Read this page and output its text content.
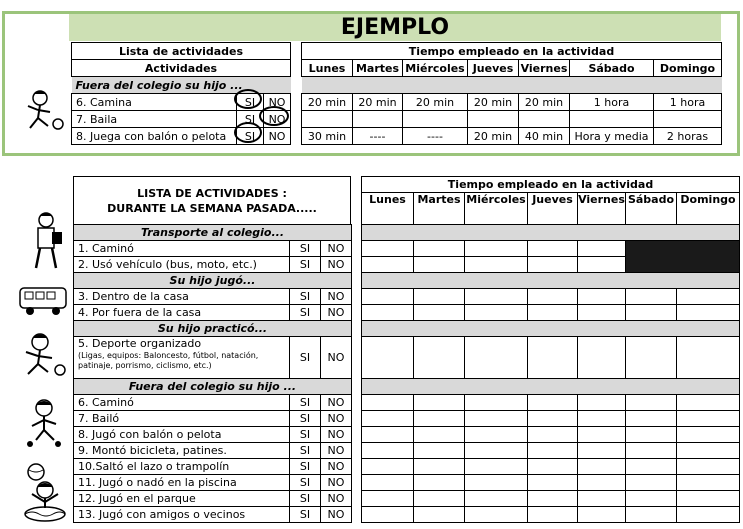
EJEMPLO
Lista de actividades		
Actividades		
Fuera del colegio su hijo ...		
6. Camina	SI	NO
7. Baila	SI	NO
8. Juega con balón o pelota	SI	NO
Tiempo empleado en la actividad						
Lunes	Martes	Miércoles	Jueves	Viernes	Sábado	Domingo

20 min	20 min	20 min	20 min	20 min	1 hora	1 hora

30 min	----	----	20 min	40 min	Hora y media	2 horas
LISTA DE ACTIVIDADES :
DURANTE LA SEMANA PASADA.....
Tiempo empleado en la actividad
Lunes	Martes	Miércoles	Jueves	Viernes	Sábado	Domingo
Transporte al colegio...										
1. Caminó	SI	NO								
2. Usó vehículo (bus, moto, etc.)	SI	NO								
Su hijo jugó...										
3. Dentro de la casa	SI	NO								
4. Por fuera de la casa	SI	NO								
Su hijo practicó...										

5. Deporte organizado
(Ligas, equipos: Baloncesto, fútbol, natación, patinaje, porrismo, ciclismo, etc.)	SI	NO								
Fuera del colegio su hijo ...										
6. Caminó	SI	NO								
7. Bailó	SI	NO								
8. Jugó con balón o pelota	SI	NO								
9. Montó bicicleta, patines.	SI	NO								
10.Saltó el lazo o trampolín	SI	NO								
11. Jugó o nadó en la piscina	SI	NO								
12. Jugó en el parque	SI	NO								
13. Jugó con amigos o vecinos	SI	NO								
